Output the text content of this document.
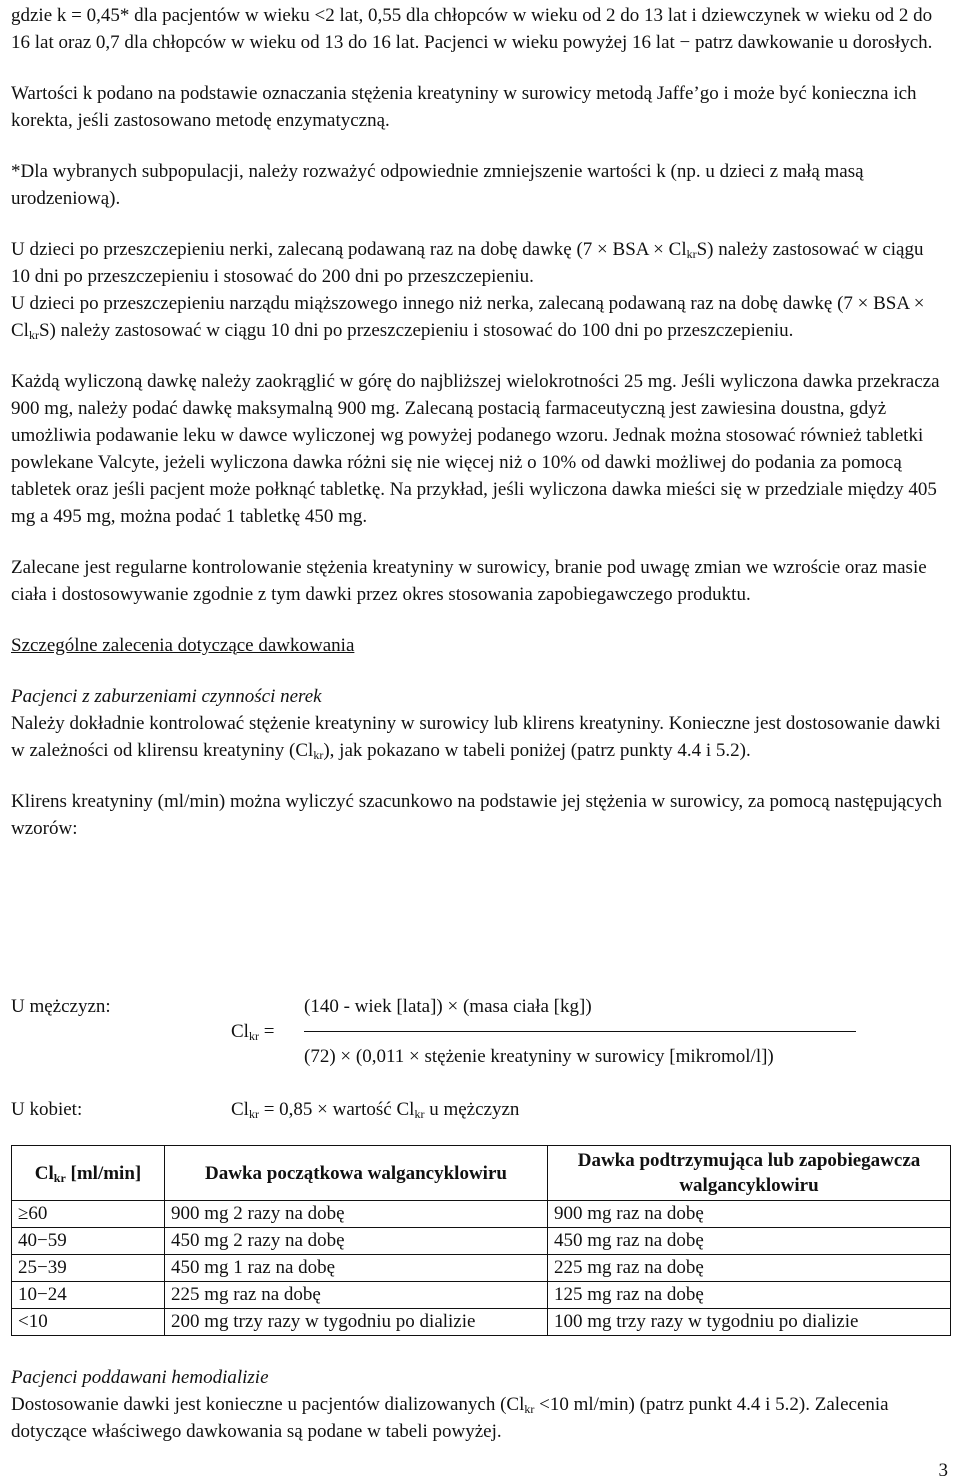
gdzie k = 0,45* dla pacjentów w wieku <2 lat, 0,55 dla chłopców w wieku od 2 do 13 lat i dziewczynek w wieku od 2 do 16 lat oraz 0,7 dla chłopców w wieku od 13 do 16 lat. Pacjenci w wieku powyżej 16 lat − patrz dawkowanie u dorosłych.

Wartości k podano na podstawie oznaczania stężenia kreatyniny w surowicy metodą Jaffe’go i może być konieczna ich korekta, jeśli zastosowano metodę enzymatyczną.

*Dla wybranych subpopulacji, należy rozważyć odpowiednie zmniejszenie wartości k (np. u dzieci z małą masą urodzeniową).

U dzieci po przeszczepieniu nerki, zalecaną podawaną raz na dobę dawkę (7 × BSA × $Cl_{kr}S$) należy zastosować w ciągu 10 dni po przeszczepieniu i stosować do 200 dni po przeszczepieniu.

U dzieci po przeszczepieniu narządu miąższowego innego niż nerka, zalecaną podawaną raz na dobę dawkę (7 × BSA × $Cl_{kr}S$) należy zastosować w ciągu 10 dni po przeszczepieniu i stosować do 100 dni po przeszczepieniu.

Każdą wyliczoną dawkę należy zaokrąglić w górę do najbliższej wielokrotności 25 mg. Jeśli wyliczona dawka przekracza 900 mg, należy podać dawkę maksymalną 900 mg. Zalecaną postacią farmaceutyczną jest zawiesina doustna, gdyż umożliwia podawanie leku w dawce wyliczonej wg powyżej podanego wzoru. Jednak można stosować również tabletki powlekane Valcyte, jeżeli wyliczona dawka różni się nie więcej niż o 10% od dawki możliwej do podania za pomocą tabletek oraz jeśli pacjent może połknąć tabletkę. Na przykład, jeśli wyliczona dawka mieści się w przedziale między 405 mg a 495 mg, można podać 1 tabletkę 450 mg.

Zalecane jest regularne kontrolowanie stężenia kreatyniny w surowicy, branie pod uwagę zmian we wzroście oraz masie ciała i dostosowywanie zgodnie z tym dawki przez okres stosowania zapobiegawczego produktu.

Szczególne zalecenia dotyczące dawkowania

Pacjenci z zaburzeniami czynności nerek

Należy dokładnie kontrolować stężenie kreatyniny w surowicy lub klirens kreatyniny. Konieczne jest dostosowanie dawki w zależności od klirensu kreatyniny $(Cl_{kr})$, jak pokazano w tabeli poniżej (patrz punkty 4.4 i 5.2).

Klirens kreatyniny (ml/min) można wyliczyć szacunkowo na podstawie jej stężenia w surowicy, za pomocą następujących wzorów:

U mężczyzn:	(140 - wiek [lata]) × (masa ciała [kg])
$Cl_{kr}$ =
(72) × (0,011 × stężenie kreatyniny w surowicy [mikromol/l])
U kobiet:	$Cl_{kr} = 0,85$ × wartość $Cl_{kr}$ u mężczyzn
$Cl_{kr}$ [ml/min]	Dawka początkowa walgancyklowiru	Dawka podtrzymująca lub zapobiegawcza walgancyklowiru
≥60	900 mg 2 razy na dobę	900 mg raz na dobę
40−59	450 mg 2 razy na dobę	450 mg raz na dobę
25−39	450 mg 1 raz na dobę	225 mg raz na dobę
10−24	225 mg raz na dobę	125 mg raz na dobę
<10	200 mg trzy razy w tygodniu po dializie	100 mg trzy razy w tygodniu po dializie

Pacjenci poddawani hemodializie

Dostosowanie dawki jest konieczne u pacjentów dializowanych ($Cl_{kr} <10$ ml/min) (patrz punkt 4.4 i 5.2). Zalecenia dotyczące właściwego dawkowania są podane w tabeli powyżej.

3
